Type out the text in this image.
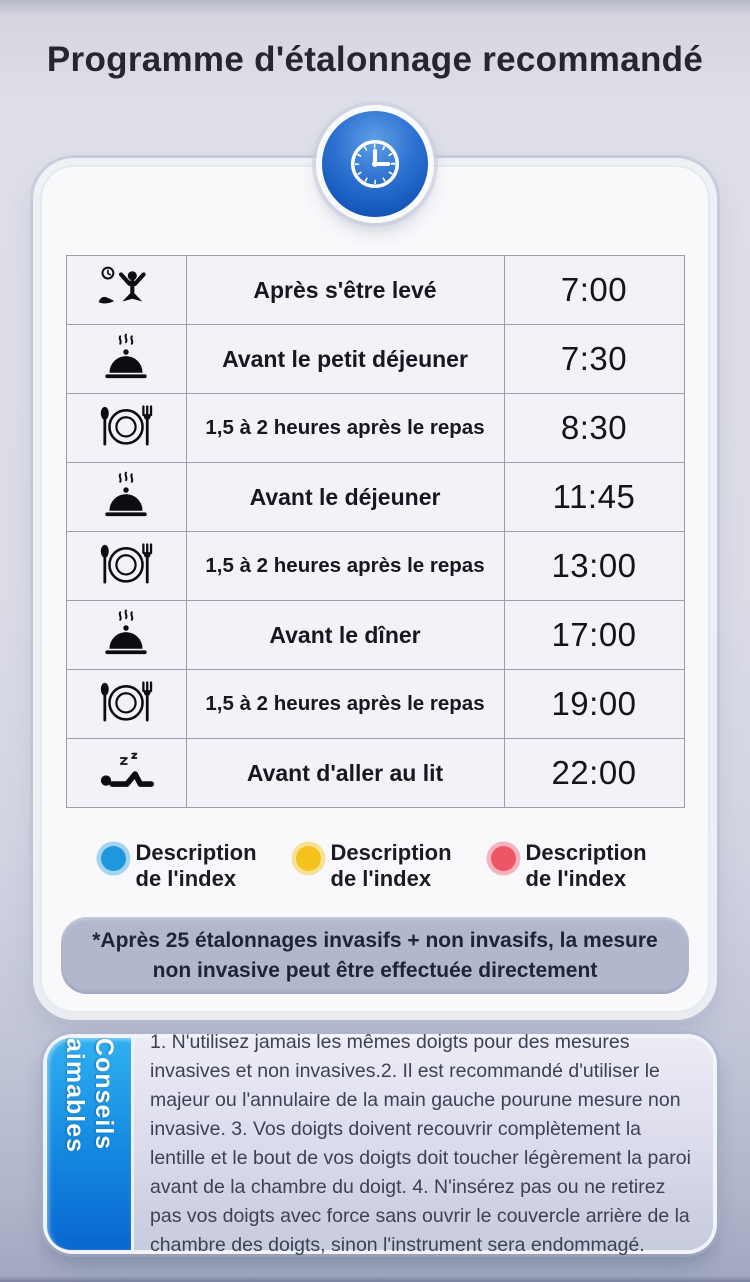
Programme d'étalonnage recommandé
	Après s'être levé	7:00
	Avant le petit déjeuner	7:30
	1,5 à 2 heures après le repas	8:30
	Avant le déjeuner	11:45
	1,5 à 2 heures après le repas	13:00
	Avant le dîner	17:00
	1,5 à 2 heures après le repas	19:00
	Avant d'aller au lit	22:00
Description de l'index
Description de l'index
Description de l'index
*Après 25 étalonnages invasifs + non invasifs, la mesure
non invasive peut être effectuée directement
Conseils aimables	1. N'utilisez jamais les mêmes doigts pour des mesures invasives et non invasives.2. Il est recommandé d'utiliser le majeur ou l'annulaire de la main gauche pourune mesure non invasive. 3. Vos doigts doivent recouvrir complètement la lentille et le bout de vos doigts doit toucher légèrement la paroi avant de la chambre du doigt. 4. N'insérez pas ou ne retirez pas vos doigts avec force sans ouvrir le couvercle arrière de la chambre des doigts, sinon l'instrument sera endommagé.
